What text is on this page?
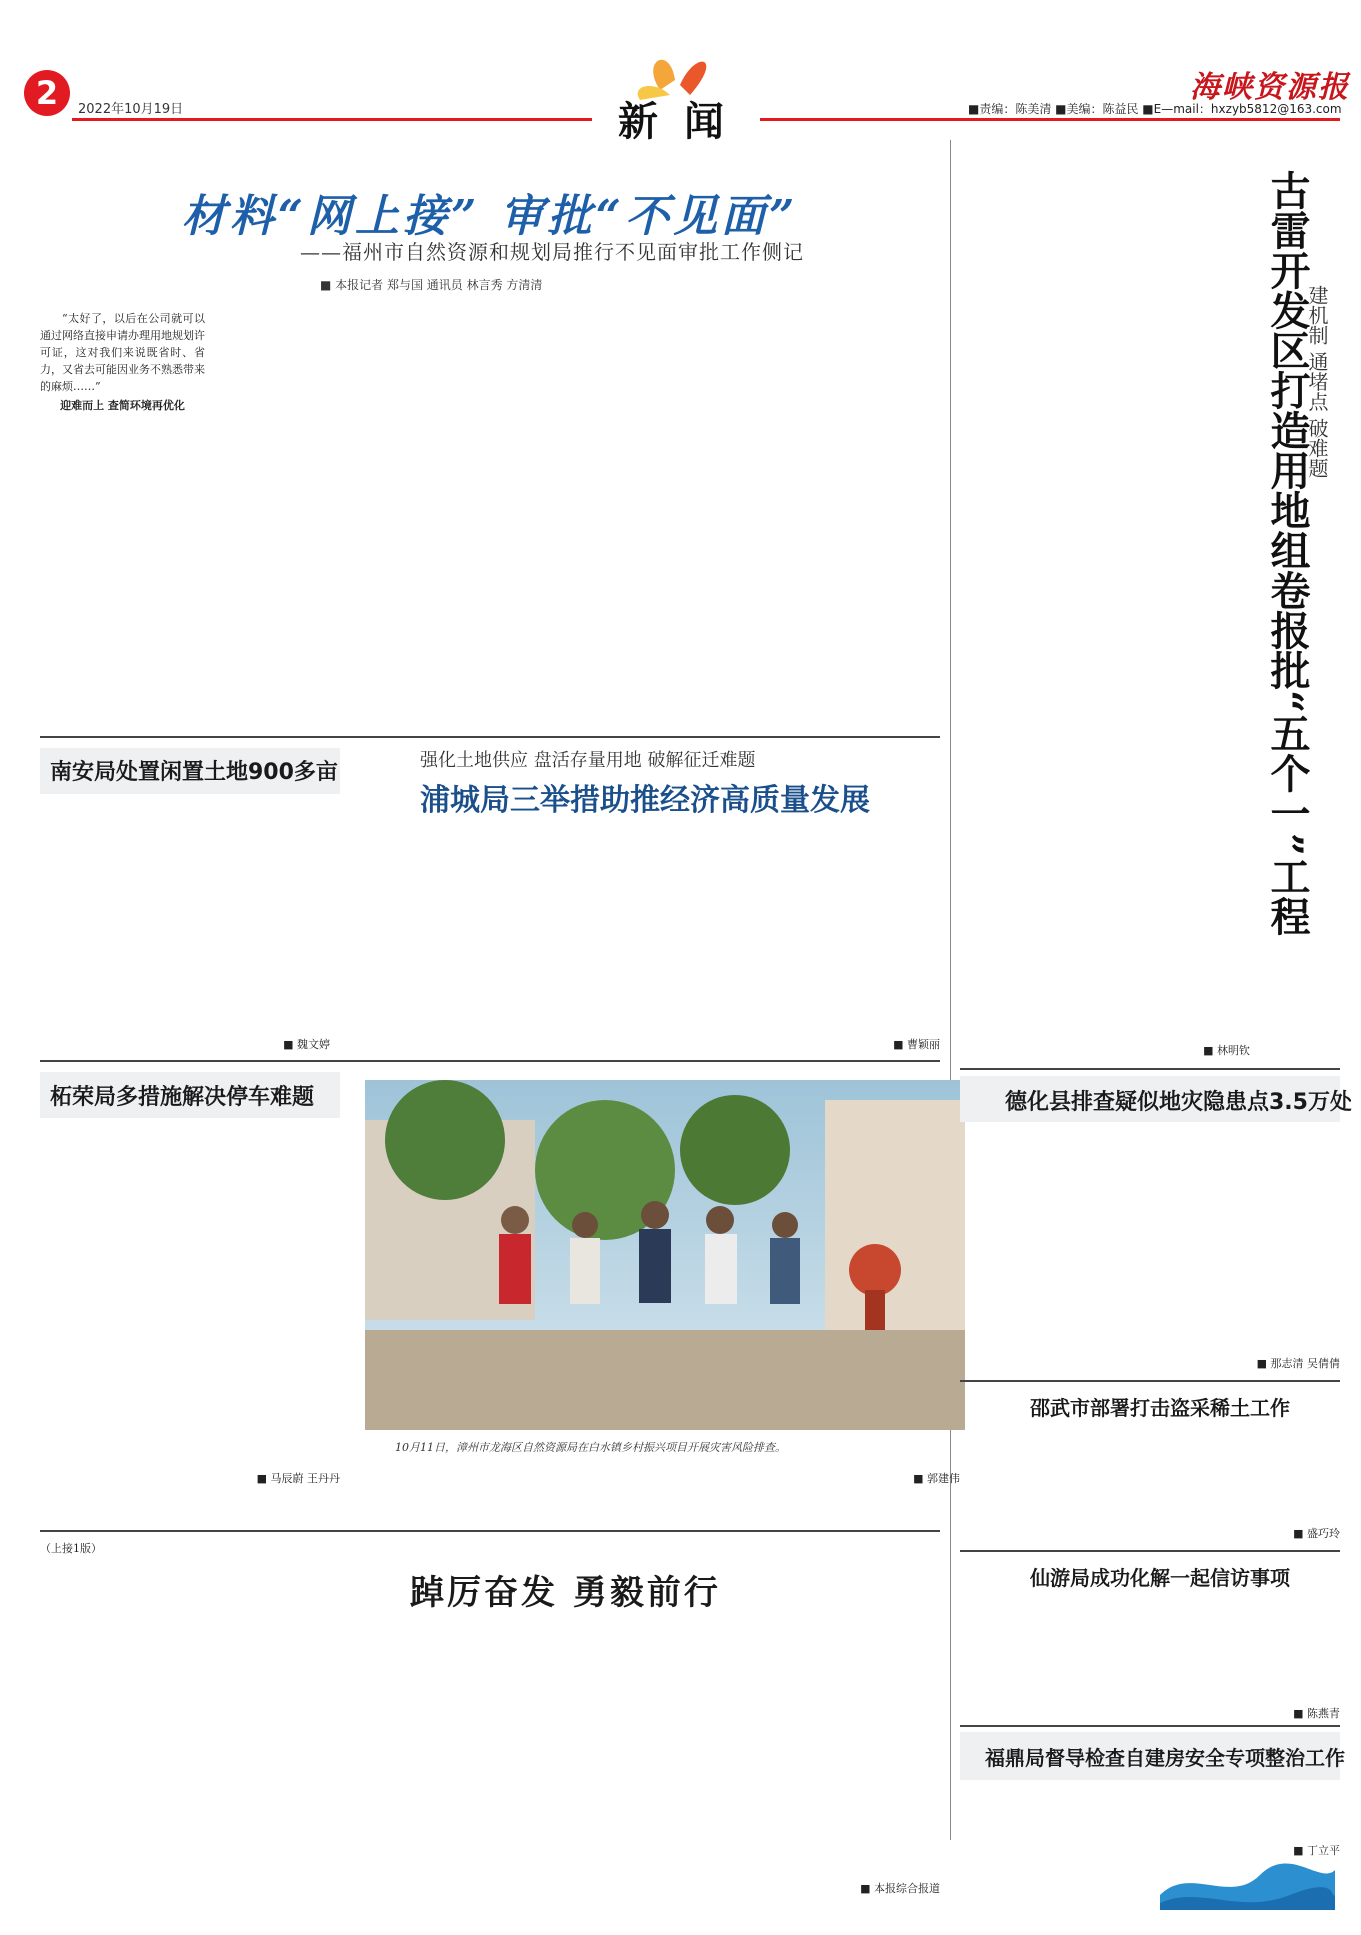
2	2022年10月19日	新闻	■责编：陈美清 ■美编：陈益民 ■E—mail：hxzyb5812@163.com
海峡资源报
材料“网上接” 审批“不见面”
——福州市自然资源和规划局推行不见面审批工作侧记
■ 本报记者 郑与国 通讯员 林言秀 方清清

“太好了，以后在公司就可以通过网络直接申请办理用地规划许可证，这对我们来说既省时、省力，又省去可能因业务不熟悉带来的麻烦……”

迎难而上 查简环境再优化	古雷开发区打造用地组卷报批“五个一”工程
建机制 通堵点 破难题
■ 林明钦
南安局处置闲置土地900多亩
■ 魏文婷
强化土地供应 盘活存量用地 破解征迁难题
浦城局三举措助推经济高质量发展
■ 曹颖丽
柘荣局多措施解决停车难题
■ 马辰蔚 王丹丹
10月11日，漳州市龙海区自然资源局在白水镇乡村振兴项目开展灾害风险排查。
■ 郭建伟
德化县排查疑似地灾隐患点3.5万处
■ 那志清 吴倩倩
邵武市部署打击盗采稀土工作
■ 盛巧玲
仙游局成功化解一起信访事项
■ 陈燕青
（上接1版）
踔厉奋发 勇毅前行
■ 本报综合报道
福鼎局督导检查自建房安全专项整治工作
■ 丁立平
